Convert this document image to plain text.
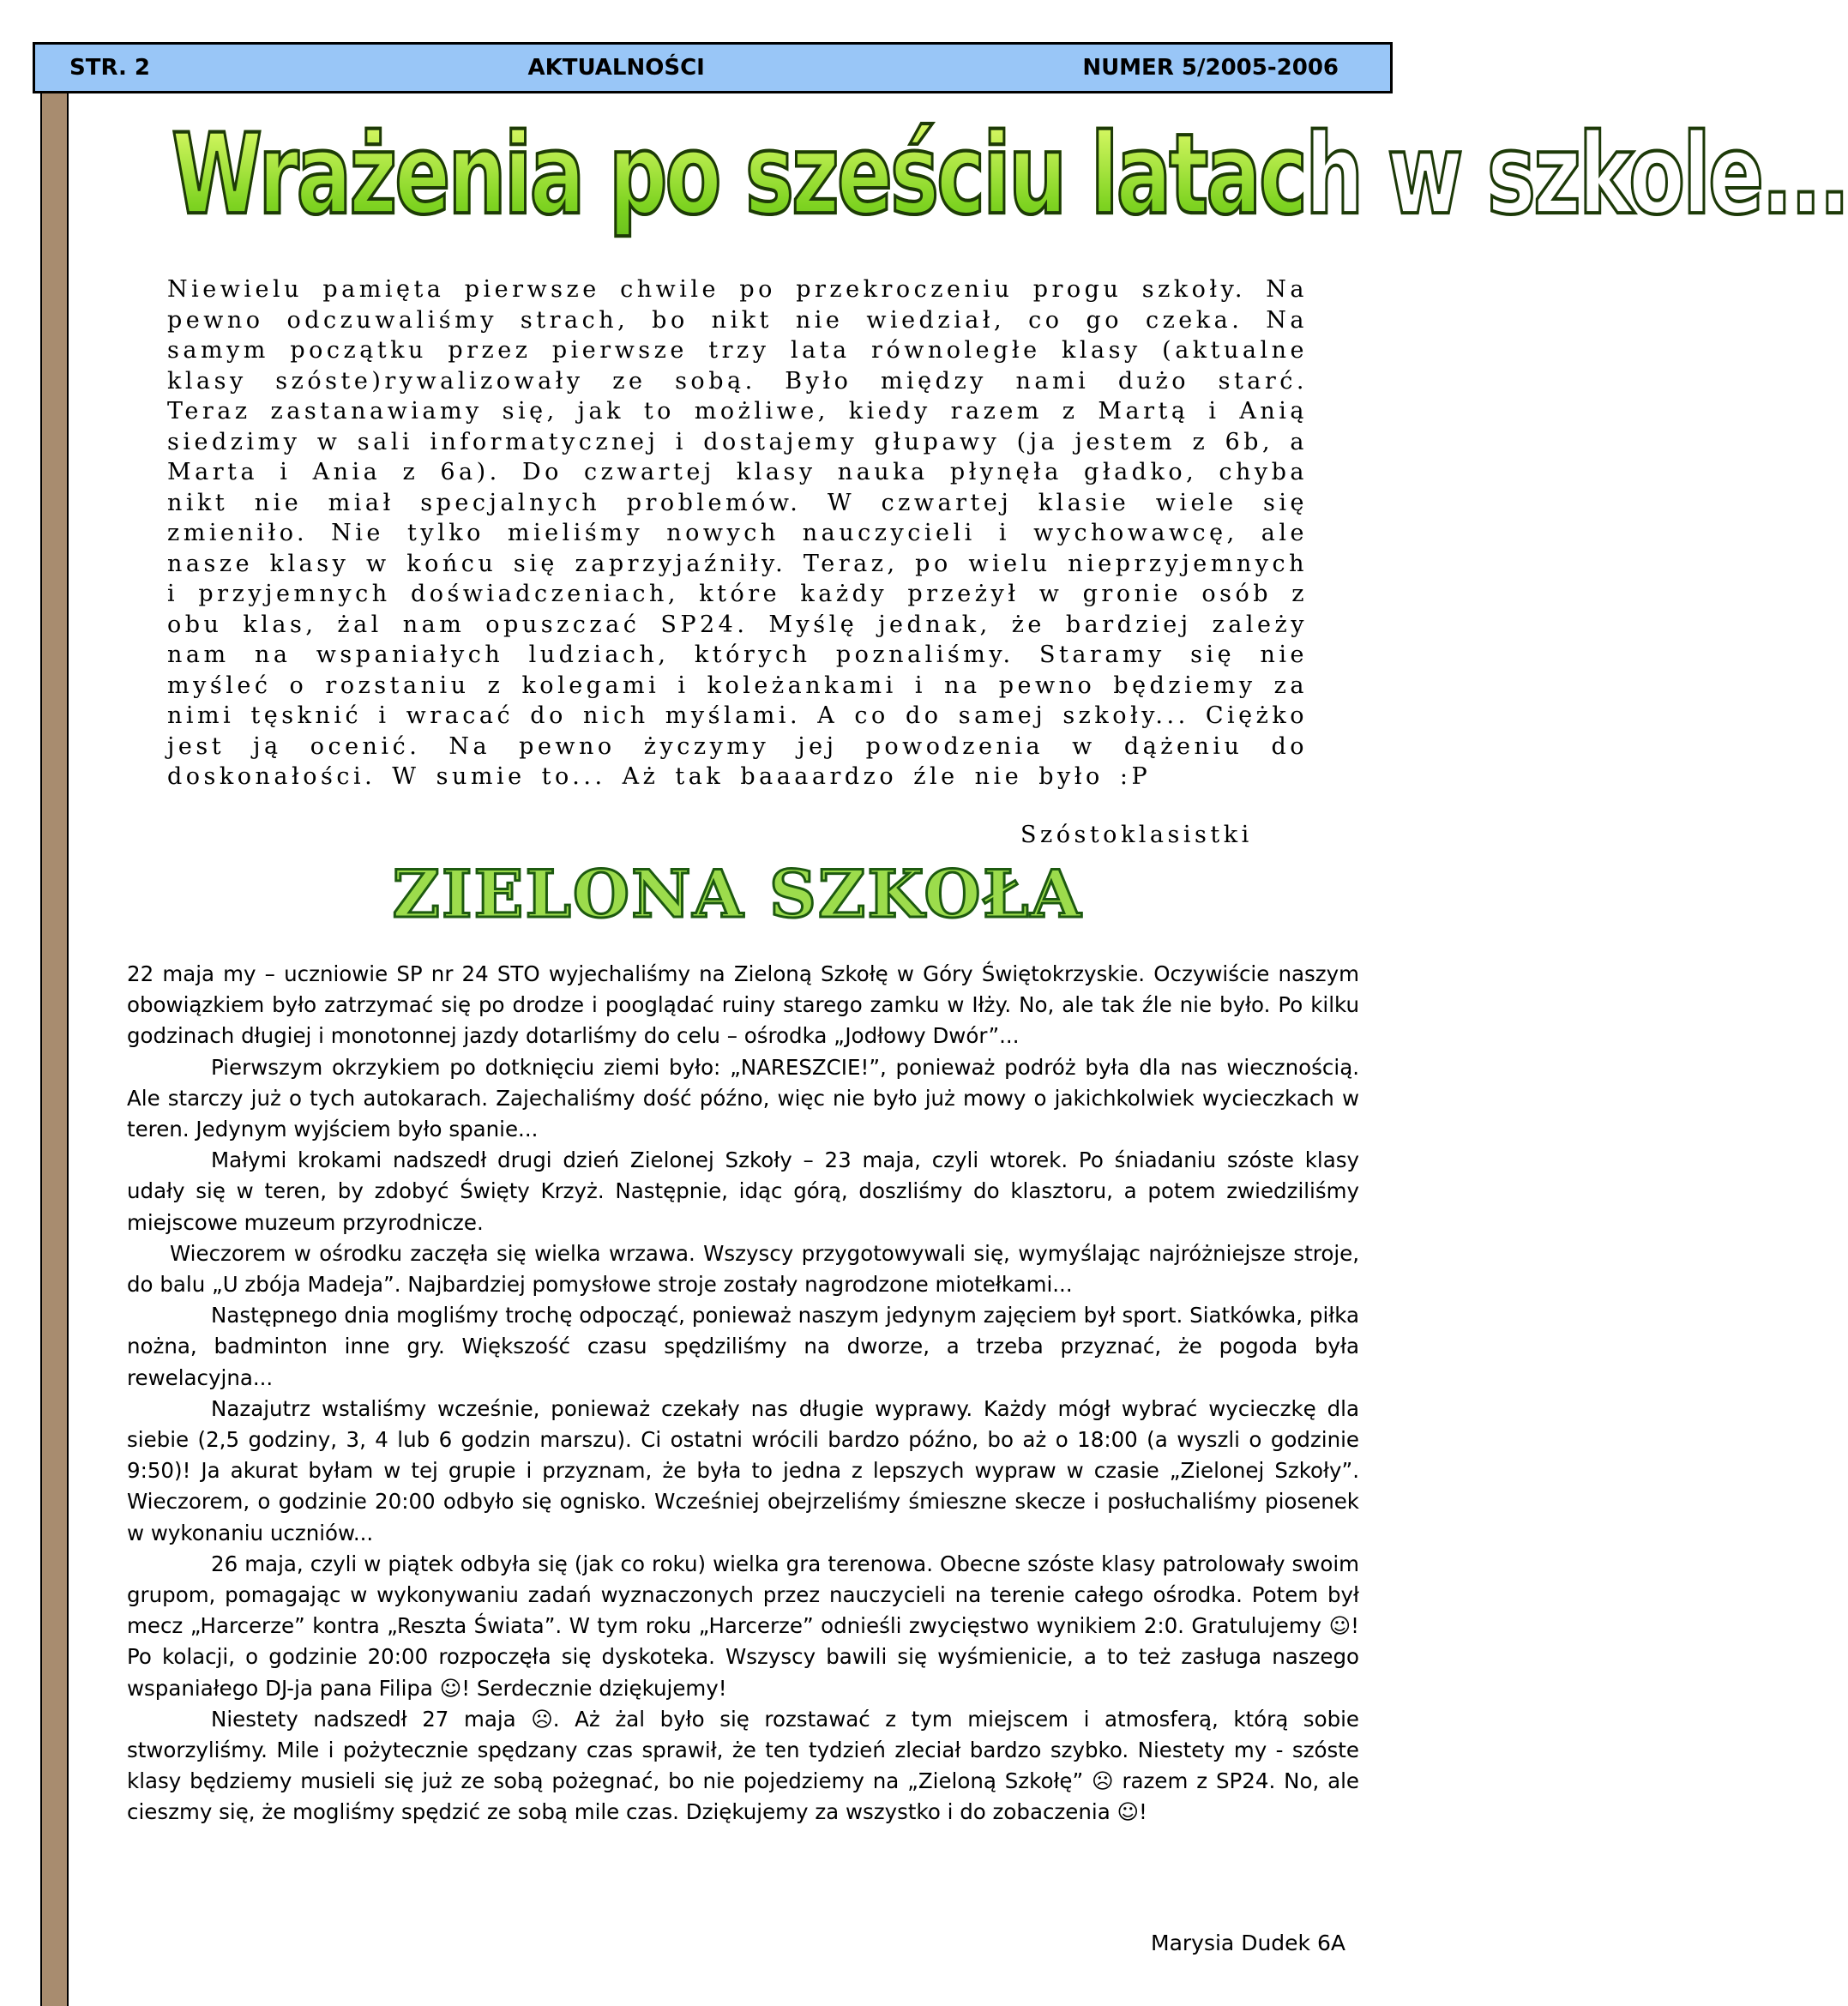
STR. 2	AKTUALNOŚCI	NUMER 5/2005-2006
Wrażenia po sześciu latach w szkole...
Niewielu pamięta pierwsze chwile po przekroczeniu progu szkoły. Na pewno odczuwaliśmy strach, bo nikt nie wiedział, co go czeka. Na samym początku przez pierwsze trzy lata równoległe klasy (aktualne klasy szóste)rywalizowały ze sobą. Było między nami dużo starć. Teraz zastanawiamy się, jak to możliwe, kiedy razem z Martą i Anią siedzimy w sali informatycznej i dostajemy głupawy (ja jestem z 6b, a Marta i Ania z 6a). Do czwartej klasy nauka płynęła gładko, chyba nikt nie miał specjalnych problemów. W czwartej klasie wiele się zmieniło. Nie tylko mieliśmy nowych nauczycieli i wychowawcę, ale nasze klasy w końcu się zaprzyjaźniły. Teraz, po wielu nieprzyjemnych i przyjemnych doświadczeniach, które każdy przeżył w gronie osób z obu klas, żal nam opuszczać SP24. Myślę jednak, że bardziej zależy nam na wspaniałych ludziach, których poznaliśmy. Staramy się nie myśleć o rozstaniu z kolegami i koleżankami i na pewno będziemy za nimi tęsknić i wracać do nich myślami. A co do samej szkoły... Ciężko jest ją ocenić. Na pewno życzymy jej powodzenia w dążeniu do doskonałości. W sumie to... Aż tak baaaardzo źle nie było :P
Szóstoklasistki
ZIELONA SZKOŁA

22 maja my – uczniowie SP nr 24 STO wyjechaliśmy na Zieloną Szkołę w Góry Świętokrzyskie. Oczywiście naszym obowiązkiem było zatrzymać się po drodze i pooglądać ruiny starego zamku w Iłży. No, ale tak źle nie było. Po kilku godzinach długiej i monotonnej jazdy dotarliśmy do celu – ośrodka „Jodłowy Dwór”...

Pierwszym okrzykiem po dotknięciu ziemi było: „NARESZCIE!”, ponieważ podróż była dla nas wiecznością. Ale starczy już o tych autokarach. Zajechaliśmy dość późno, więc nie było już mowy o jakichkolwiek wycieczkach w teren. Jedynym wyjściem było spanie...

Małymi krokami nadszedł drugi dzień Zielonej Szkoły – 23 maja, czyli wtorek. Po śniadaniu szóste klasy udały się w teren, by zdobyć Święty Krzyż. Następnie, idąc górą, doszliśmy do klasztoru, a potem zwiedziliśmy miejscowe muzeum przyrodnicze.

Wieczorem w ośrodku zaczęła się wielka wrzawa. Wszyscy przygotowywali się, wymyślając najróżniejsze stroje, do balu „U zbója Madeja”. Najbardziej pomysłowe stroje zostały nagrodzone miotełkami...

Następnego dnia mogliśmy trochę odpocząć, ponieważ naszym jedynym zajęciem był sport. Siatkówka, piłka nożna, badminton inne gry. Większość czasu spędziliśmy na dworze, a trzeba przyznać, że pogoda była rewelacyjna...

Nazajutrz wstaliśmy wcześnie, ponieważ czekały nas długie wyprawy. Każdy mógł wybrać wycieczkę dla siebie (2,5 godziny, 3, 4 lub 6 godzin marszu). Ci ostatni wrócili bardzo późno, bo aż o 18:00 (a wyszli o godzinie 9:50)! Ja akurat byłam w tej grupie i przyznam, że była to jedna z lepszych wypraw w czasie „Zielonej Szkoły”. Wieczorem, o godzinie 20:00 odbyło się ognisko. Wcześniej obejrzeliśmy śmieszne skecze i posłuchaliśmy piosenek w wykonaniu uczniów...

26 maja, czyli w piątek odbyła się (jak co roku) wielka gra terenowa. Obecne szóste klasy patrolowały swoim grupom, pomagając w wykonywaniu zadań wyznaczonych przez nauczycieli na terenie całego ośrodka. Potem był mecz „Harcerze” kontra „Reszta Świata”. W tym roku „Harcerze” odnieśli zwycięstwo wynikiem 2:0. Gratulujemy ☺! Po kolacji, o godzinie 20:00 rozpoczęła się dyskoteka. Wszyscy bawili się wyśmienicie, a to też zasługa naszego wspaniałego DJ-ja pana Filipa ☺! Serdecznie dziękujemy!

Niestety nadszedł 27 maja ☹. Aż żal było się rozstawać z tym miejscem i atmosferą, którą sobie stworzyliśmy. Mile i pożytecznie spędzany czas sprawił, że ten tydzień zleciał bardzo szybko. Niestety my - szóste klasy będziemy musieli się już ze sobą pożegnać, bo nie pojedziemy na „Zieloną Szkołę” ☹ razem z SP24. No, ale cieszmy się, że mogliśmy spędzić ze sobą mile czas. Dziękujemy za wszystko i do zobaczenia ☺!

Marysia Dudek 6A
